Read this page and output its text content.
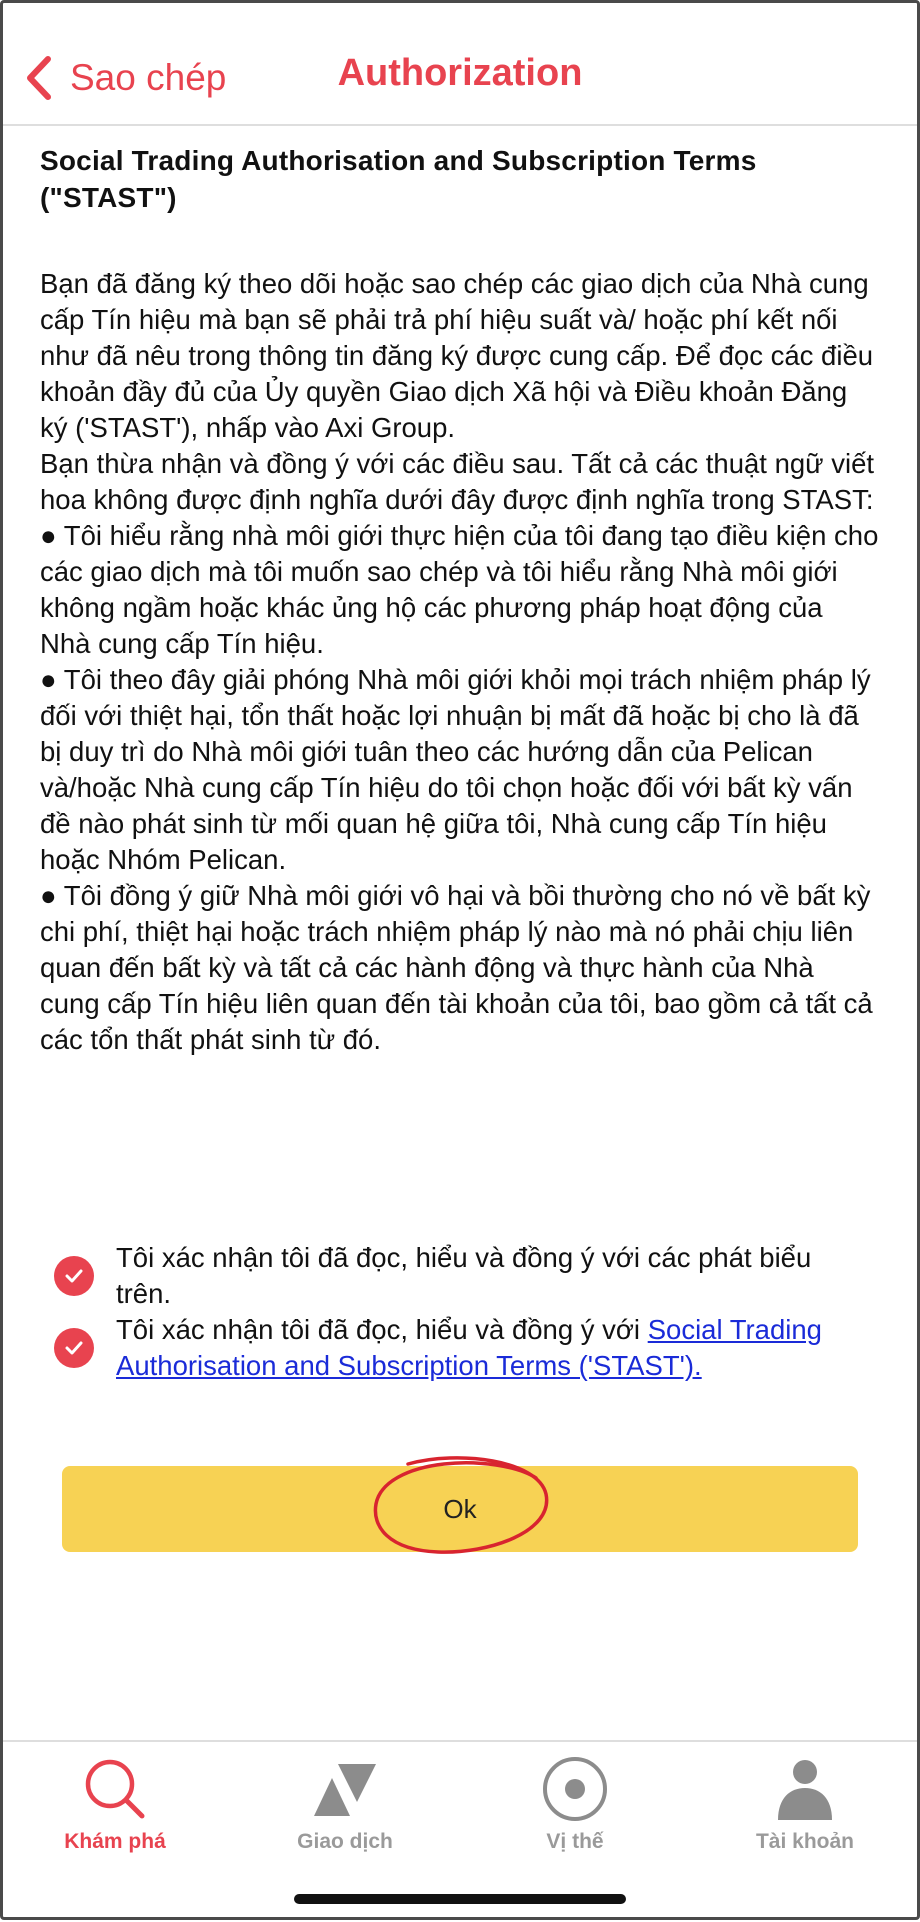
Sao chép	Authorization
Social Trading Authorisation and Subscription Terms ("STAST")

Bạn đã đăng ký theo dõi hoặc sao chép các giao dịch của Nhà cung cấp Tín hiệu mà bạn sẽ phải trả phí hiệu suất và/ hoặc phí kết nối như đã nêu trong thông tin đăng ký được cung cấp. Để đọc các điều khoản đầy đủ của Ủy quyền Giao dịch Xã hội và Điều khoản Đăng ký ('STAST'), nhấp vào Axi Group.

Bạn thừa nhận và đồng ý với các điều sau. Tất cả các thuật ngữ viết hoa không được định nghĩa dưới đây được định nghĩa trong STAST:

● Tôi hiểu rằng nhà môi giới thực hiện của tôi đang tạo điều kiện cho các giao dịch mà tôi muốn sao chép và tôi hiểu rằng Nhà môi giới không ngầm hoặc khác ủng hộ các phương pháp hoạt động của Nhà cung cấp Tín hiệu.

● Tôi theo đây giải phóng Nhà môi giới khỏi mọi trách nhiệm pháp lý đối với thiệt hại, tổn thất hoặc lợi nhuận bị mất đã hoặc bị cho là đã bị duy trì do Nhà môi giới tuân theo các hướng dẫn của Pelican và/hoặc Nhà cung cấp Tín hiệu do tôi chọn hoặc đối với bất kỳ vấn đề nào phát sinh từ mối quan hệ giữa tôi, Nhà cung cấp Tín hiệu hoặc Nhóm Pelican.

● Tôi đồng ý giữ Nhà môi giới vô hại và bồi thường cho nó về bất kỳ chi phí, thiệt hại hoặc trách nhiệm pháp lý nào mà nó phải chịu liên quan đến bất kỳ và tất cả các hành động và thực hành của Nhà cung cấp Tín hiệu liên quan đến tài khoản của tôi, bao gồm cả tất cả các tổn thất phát sinh từ đó.

Tôi xác nhận tôi đã đọc, hiểu và đồng ý với các phát biểu trên.
Tôi xác nhận tôi đã đọc, hiểu và đồng ý với Social Trading Authorisation and Subscription Terms ('STAST').
Ok
Khám phá	Giao dịch	Vị thế	Tài khoản
